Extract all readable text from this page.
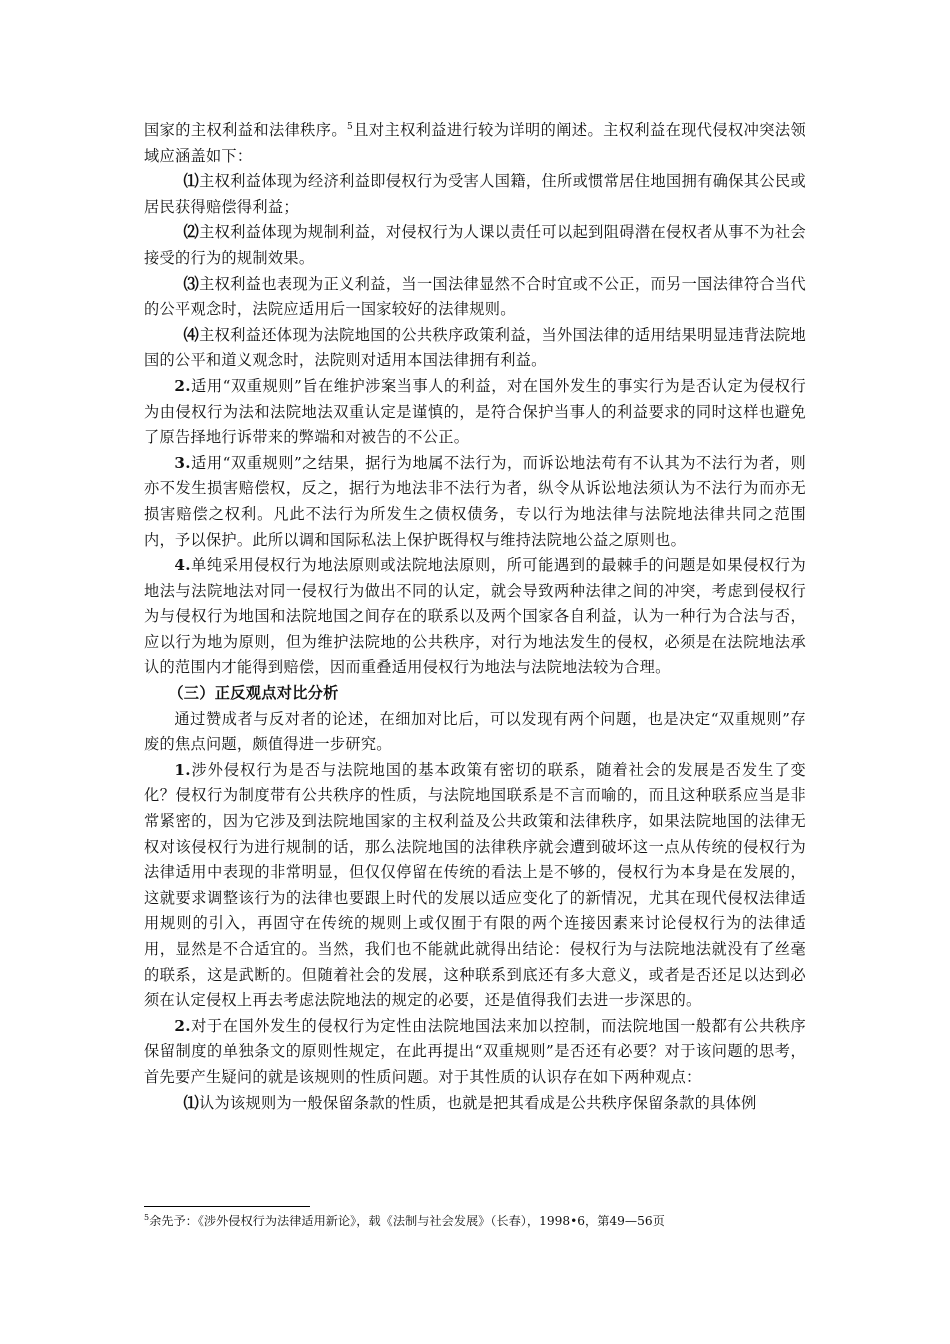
国家的主权利益和法律秩序。$^5$且对主权利益进行较为详明的阐述。主权利益在现代侵权冲突法领域应涵盖如下：

⑴主权利益体现为经济利益即侵权行为受害人国籍，住所或惯常居住地国拥有确保其公民或居民获得赔偿得利益；

⑵主权利益体现为规制利益，对侵权行为人课以责任可以起到阻碍潜在侵权者从事不为社会接受的行为的规制效果。

⑶主权利益也表现为正义利益，当一国法律显然不合时宜或不公正，而另一国法律符合当代的公平观念时，法院应适用后一国家较好的法律规则。

⑷主权利益还体现为法院地国的公共秩序政策利益，当外国法律的适用结果明显违背法院地国的公平和道义观念时，法院则对适用本国法律拥有利益。

2.适用“双重规则”旨在维护涉案当事人的利益，对在国外发生的事实行为是否认定为侵权行为由侵权行为法和法院地法双重认定是谨慎的，是符合保护当事人的利益要求的同时这样也避免了原告择地行诉带来的弊端和对被告的不公正。

3.适用“双重规则”之结果，据行为地属不法行为，而诉讼地法苟有不认其为不法行为者，则亦不发生损害赔偿权，反之，据行为地法非不法行为者，纵令从诉讼地法须认为不法行为而亦无损害赔偿之权利。凡此不法行为所发生之债权债务，专以行为地法律与法院地法律共同之范围内，予以保护。此所以调和国际私法上保护既得权与维持法院地公益之原则也。

4.单纯采用侵权行为地法原则或法院地法原则，所可能遇到的最棘手的问题是如果侵权行为地法与法院地法对同一侵权行为做出不同的认定，就会导致两种法律之间的冲突，考虑到侵权行为与侵权行为地国和法院地国之间存在的联系以及两个国家各自利益，认为一种行为合法与否，应以行为地为原则，但为维护法院地的公共秩序，对行为地法发生的侵权，必须是在法院地法承认的范围内才能得到赔偿，因而重叠适用侵权行为地法与法院地法较为合理。

（三）正反观点对比分析

通过赞成者与反对者的论述，在细加对比后，可以发现有两个问题，也是决定“双重规则”存废的焦点问题，颇值得进一步研究。

1.涉外侵权行为是否与法院地国的基本政策有密切的联系，随着社会的发展是否发生了变化？侵权行为制度带有公共秩序的性质，与法院地国联系是不言而喻的，而且这种联系应当是非常紧密的，因为它涉及到法院地国家的主权利益及公共政策和法律秩序，如果法院地国的法律无权对该侵权行为进行规制的话，那么法院地国的法律秩序就会遭到破坏这一点从传统的侵权行为法律适用中表现的非常明显，但仅仅停留在传统的看法上是不够的，侵权行为本身是在发展的，这就要求调整该行为的法律也要跟上时代的发展以适应变化了的新情况，尤其在现代侵权法律适用规则的引入，再固守在传统的规则上或仅囿于有限的两个连接因素来讨论侵权行为的法律适用，显然是不合适宜的。当然，我们也不能就此就得出结论：侵权行为与法院地法就没有了丝毫的联系，这是武断的。但随着社会的发展，这种联系到底还有多大意义，或者是否还足以达到必须在认定侵权上再去考虑法院地法的规定的必要，还是值得我们去进一步深思的。

2.对于在国外发生的侵权行为定性由法院地国法来加以控制，而法院地国一般都有公共秩序保留制度的单独条文的原则性规定，在此再提出“双重规则”是否还有必要？对于该问题的思考，首先要产生疑问的就是该规则的性质问题。对于其性质的认识存在如下两种观点：

⑴认为该规则为一般保留条款的性质，也就是把其看成是公共秩序保留条款的具体例

$^5$余先予：《涉外侵权行为法律适用新论》，载《法制与社会发展》（长春），1998•6，第49—56页
